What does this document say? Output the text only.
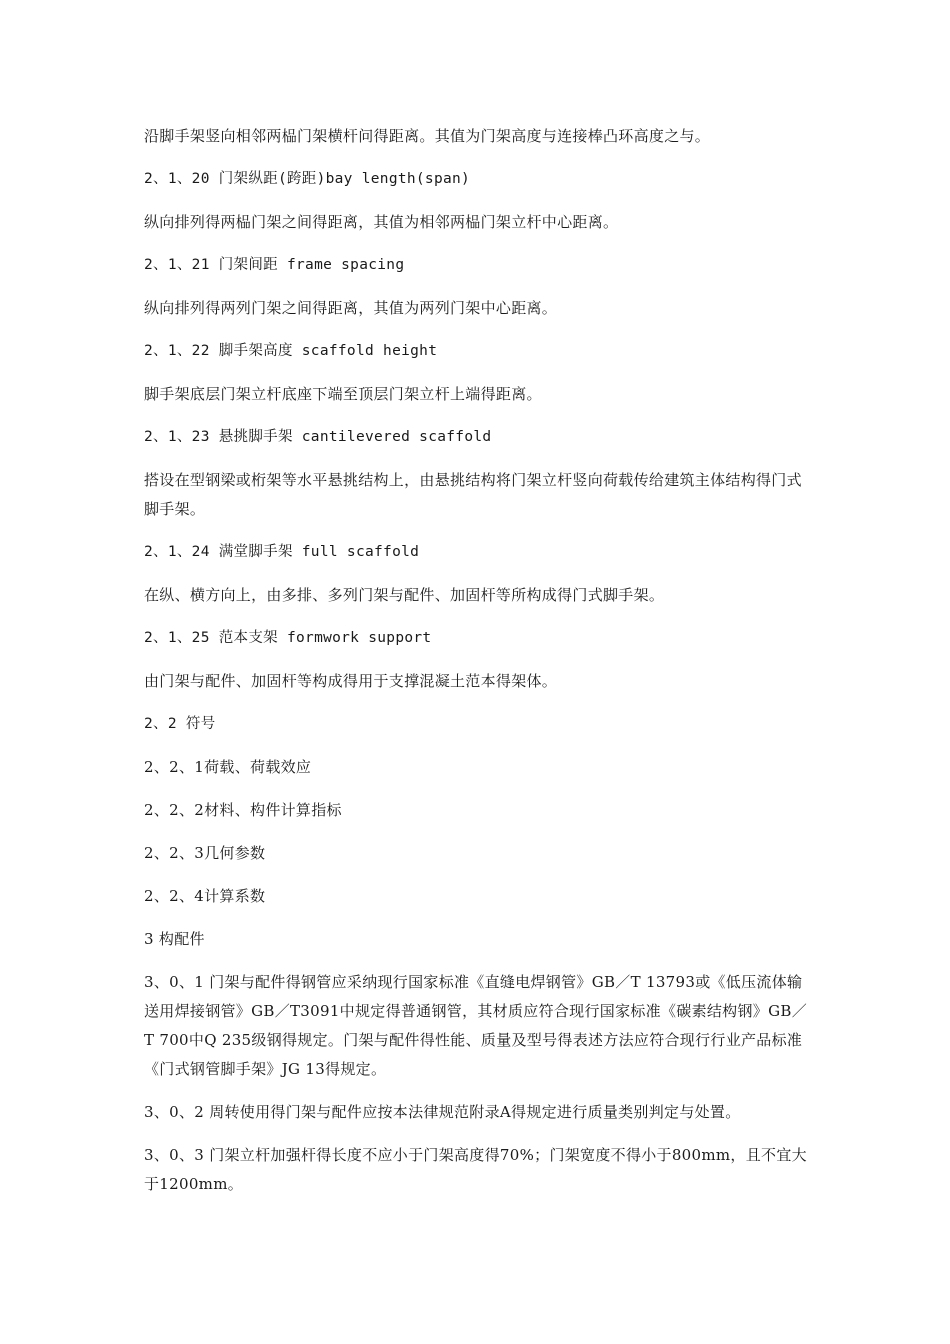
沿脚手架竖向相邻两榀门架横杆问得距离。其值为门架高度与连接棒凸环高度之与。

2、1、20 门架纵距(跨距)bay length(span)

纵向排列得两榀门架之间得距离，其值为相邻两榀门架立杆中心距离。

2、1、21 门架间距 frame spacing

纵向排列得两列门架之间得距离，其值为两列门架中心距离。

2、1、22 脚手架高度 scaffold height

脚手架底层门架立杆底座下端至顶层门架立杆上端得距离。

2、1、23 悬挑脚手架 cantilevered scaffold

搭设在型钢梁或桁架等水平悬挑结构上，由悬挑结构将门架立杆竖向荷载传给建筑主体结构得门式脚手架。

2、1、24 满堂脚手架 full scaffold

在纵、横方向上，由多排、多列门架与配件、加固杆等所构成得门式脚手架。

2、1、25 范本支架 formwork support

由门架与配件、加固杆等构成得用于支撑混凝土范本得架体。

2、2 符号

2、2、1荷载、荷载效应

2、2、2材料、构件计算指标

2、2、3几何参数

2、2、4计算系数

3 构配件

3、0、1 门架与配件得钢管应采纳现行国家标准《直缝电焊钢管》GB／T 13793或《低压流体输送用焊接钢管》GB／T3091中规定得普通钢管，其材质应符合现行国家标准《碳素结构钢》GB／T 700中Q 235级钢得规定。门架与配件得性能、质量及型号得表述方法应符合现行行业产品标准《门式钢管脚手架》JG 13得规定。

3、0、2 周转使用得门架与配件应按本法律规范附录A得规定进行质量类别判定与处置。

3、0、3 门架立杆加强杆得长度不应小于门架高度得70%；门架宽度不得小于800mm，且不宜大于1200mm。
